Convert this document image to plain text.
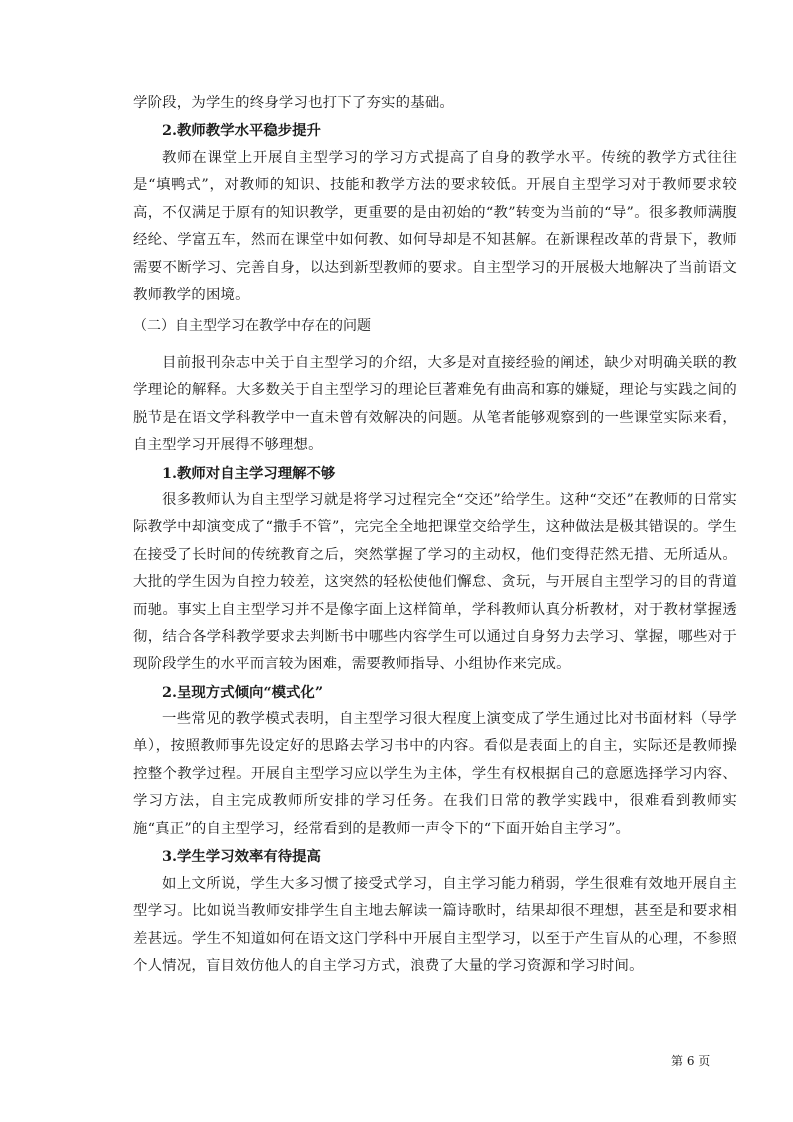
学阶段，为学生的终身学习也打下了夯实的基础。

2.教师教学水平稳步提升

教师在课堂上开展自主型学习的学习方式提高了自身的教学水平。传统的教学方式往往是“填鸭式”，对教师的知识、技能和教学方法的要求较低。开展自主型学习对于教师要求较高，不仅满足于原有的知识教学，更重要的是由初始的“教”转变为当前的“导”。很多教师满腹经纶、学富五车，然而在课堂中如何教、如何导却是不知甚解。在新课程改革的背景下，教师需要不断学习、完善自身，以达到新型教师的要求。自主型学习的开展极大地解决了当前语文教师教学的困境。

（二）自主型学习在教学中存在的问题

目前报刊杂志中关于自主型学习的介绍，大多是对直接经验的阐述，缺少对明确关联的教学理论的解释。大多数关于自主型学习的理论巨著难免有曲高和寡的嫌疑，理论与实践之间的脱节是在语文学科教学中一直未曾有效解决的问题。从笔者能够观察到的一些课堂实际来看，自主型学习开展得不够理想。

1.教师对自主学习理解不够

很多教师认为自主型学习就是将学习过程完全“交还”给学生。这种“交还”在教师的日常实际教学中却演变成了“撒手不管”，完完全全地把课堂交给学生，这种做法是极其错误的。学生在接受了长时间的传统教育之后，突然掌握了学习的主动权，他们变得茫然无措、无所适从。大批的学生因为自控力较差，这突然的轻松使他们懈怠、贪玩，与开展自主型学习的目的背道而驰。事实上自主型学习并不是像字面上这样简单，学科教师认真分析教材，对于教材掌握透彻，结合各学科教学要求去判断书中哪些内容学生可以通过自身努力去学习、掌握，哪些对于现阶段学生的水平而言较为困难，需要教师指导、小组协作来完成。

2.呈现方式倾向“模式化”

一些常见的教学模式表明，自主型学习很大程度上演变成了学生通过比对书面材料（导学单），按照教师事先设定好的思路去学习书中的内容。看似是表面上的自主，实际还是教师操控整个教学过程。开展自主型学习应以学生为主体，学生有权根据自己的意愿选择学习内容、学习方法，自主完成教师所安排的学习任务。在我们日常的教学实践中，很难看到教师实施“真正”的自主型学习，经常看到的是教师一声令下的“下面开始自主学习”。

3.学生学习效率有待提高

如上文所说，学生大多习惯了接受式学习，自主学习能力稍弱，学生很难有效地开展自主型学习。比如说当教师安排学生自主地去解读一篇诗歌时，结果却很不理想，甚至是和要求相差甚远。学生不知道如何在语文这门学科中开展自主型学习，以至于产生盲从的心理，不参照个人情况，盲目效仿他人的自主学习方式，浪费了大量的学习资源和学习时间。

第 6 页
